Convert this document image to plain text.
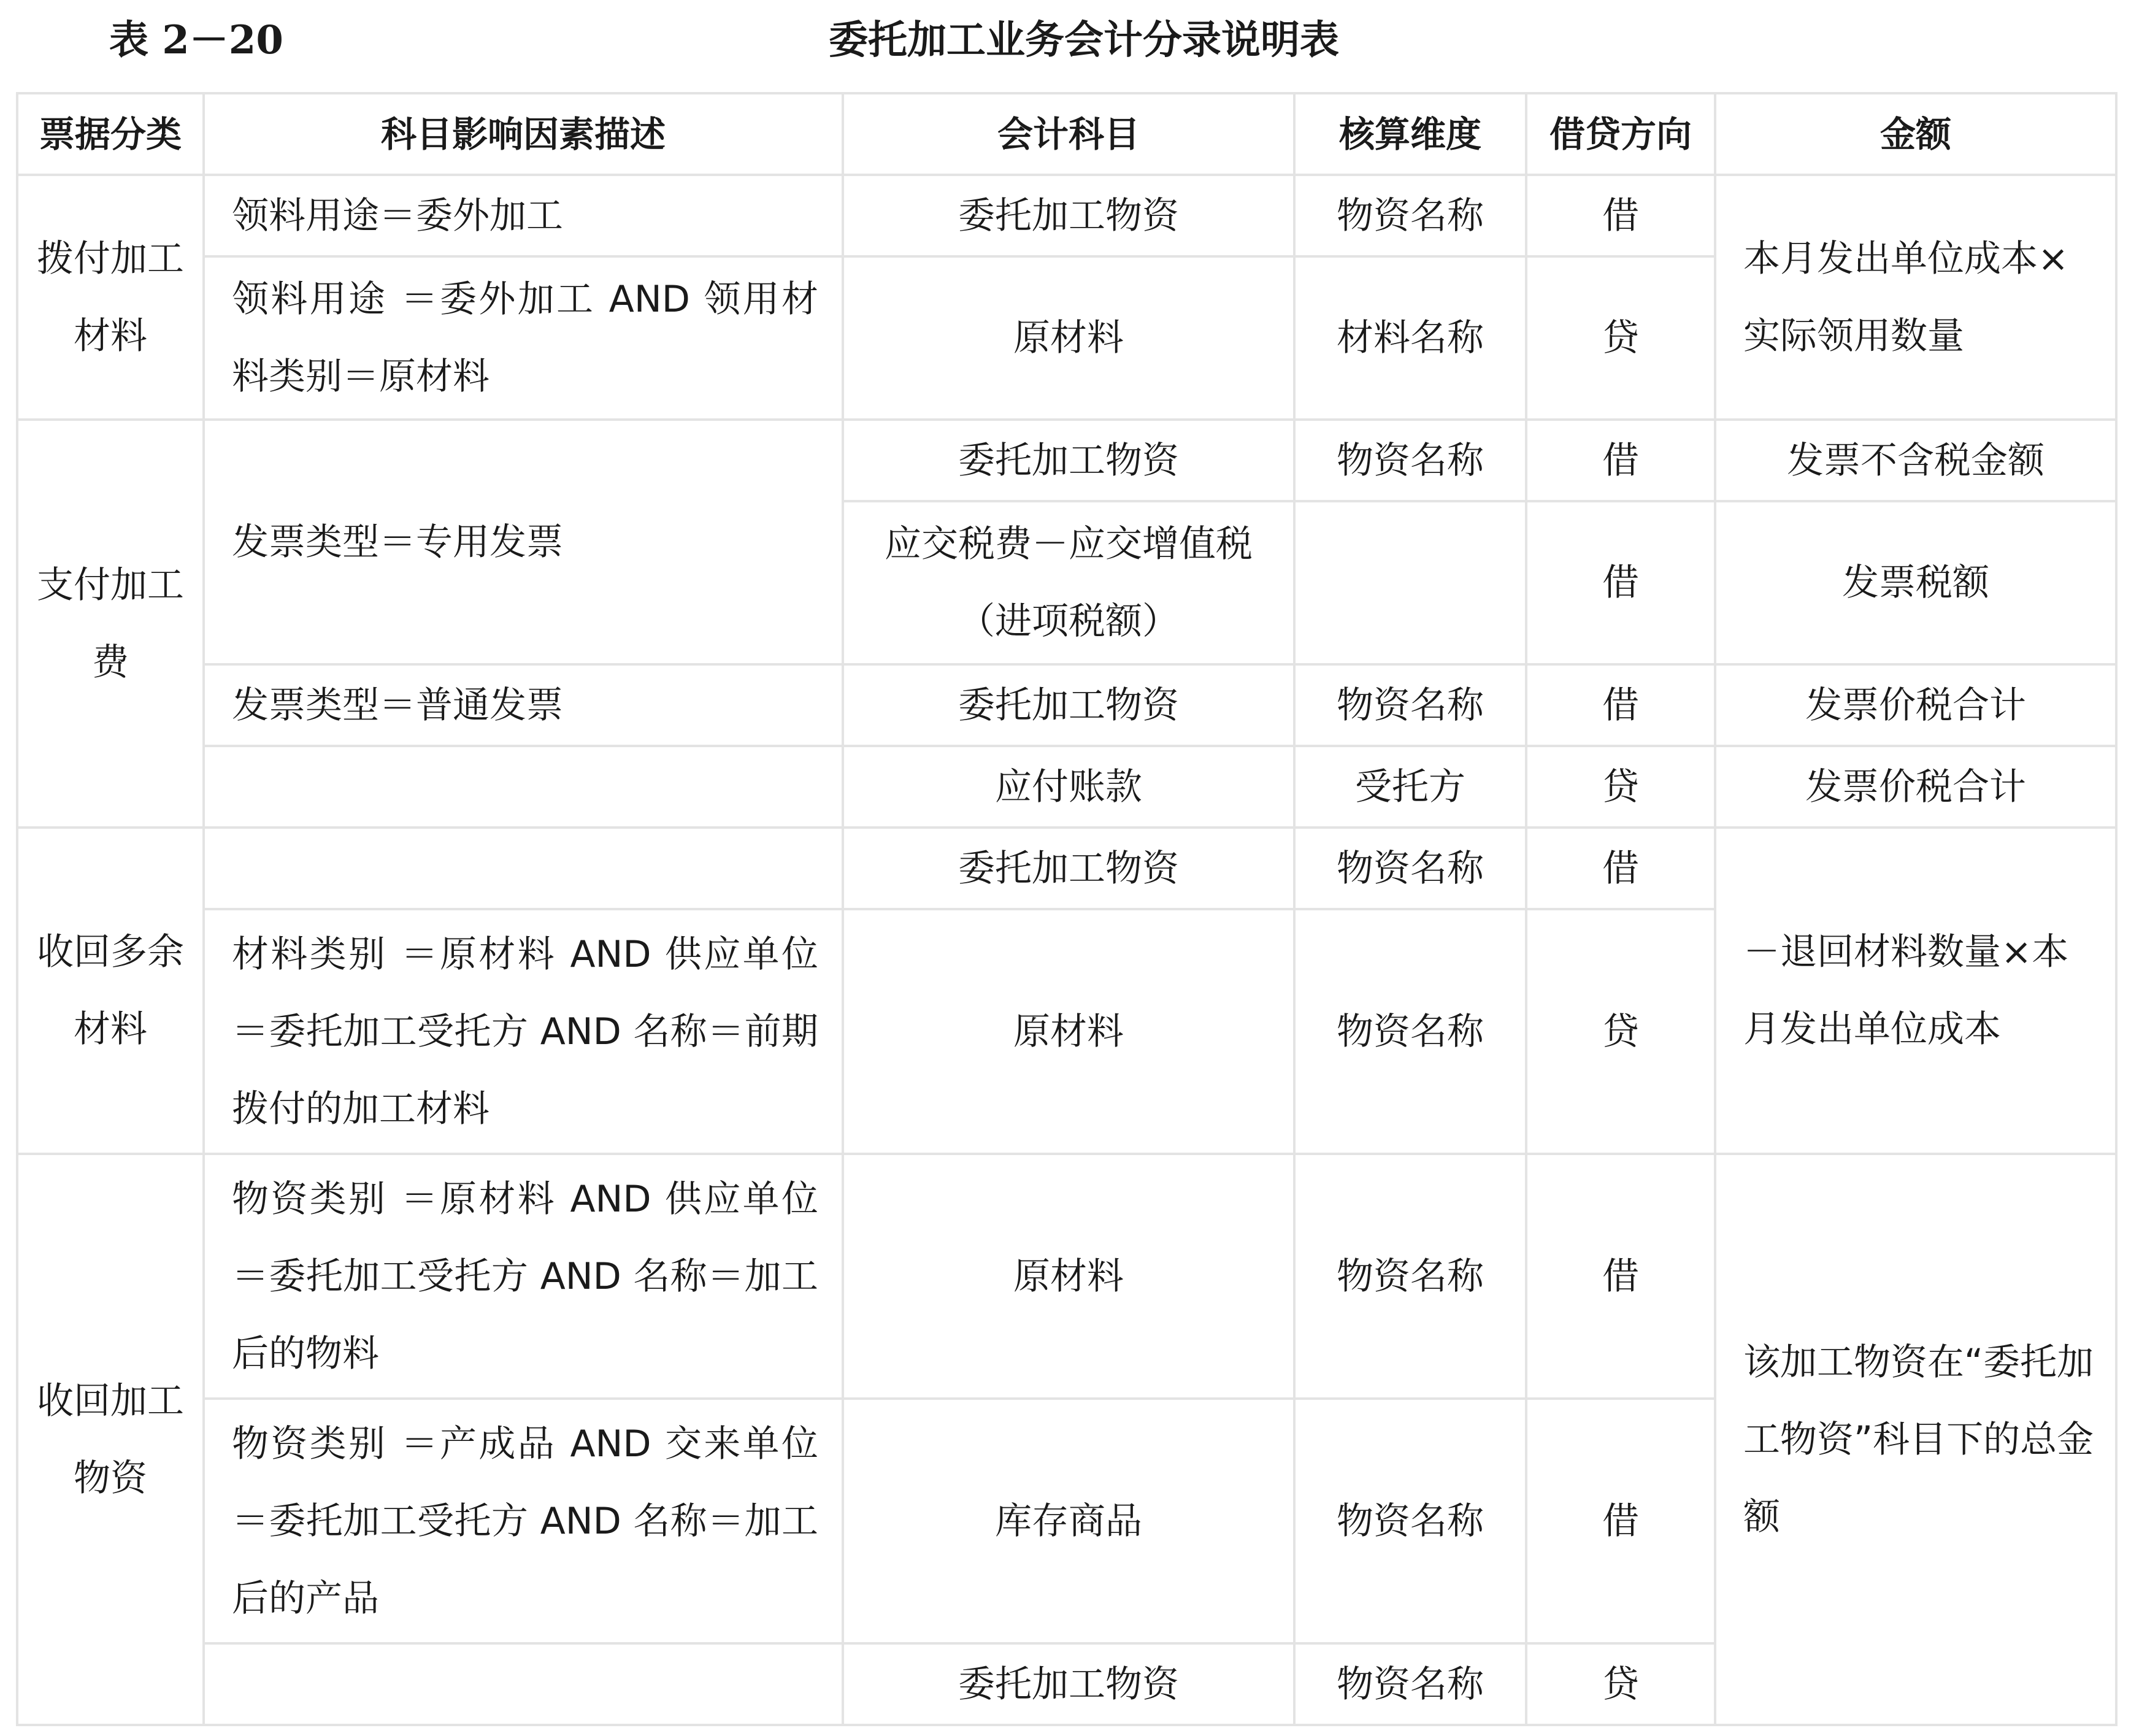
表 2－20	委托加工业务会计分录说明表
票据分类	科目影响因素描述	会计科目	核算维度	借贷方向	金额
拨付加工材料	领料用途＝委外加工	委托加工物资	物资名称	借	本月发出单位成本×实际领用数量
	领料用途 ＝委外加工 AND 领用材料类别＝原材料	原材料	材料名称	贷	
支付加工费	发票类型＝专用发票	委托加工物资	物资名称	借	发票不含税金额
		应交税费－应交增值税（进项税额）		借	发票税额
	发票类型＝普通发票	委托加工物资	物资名称	借	发票价税合计
		应付账款	受托方	贷	发票价税合计
收回多余材料		委托加工物资	物资名称	借	－退回材料数量×本月发出单位成本
	材料类别 ＝原材料 AND 供应单位＝委托加工受托方 AND 名称＝前期拨付的加工材料	原材料	物资名称	贷	
收回加工物资	物资类别 ＝原材料 AND 供应单位＝委托加工受托方 AND 名称＝加工后的物料	原材料	物资名称	借	该加工物资在“委托加工物资”科目下的总金额
	物资类别 ＝产成品 AND 交来单位＝委托加工受托方 AND 名称＝加工后的产品	库存商品	物资名称	借	
		委托加工物资	物资名称	贷	
